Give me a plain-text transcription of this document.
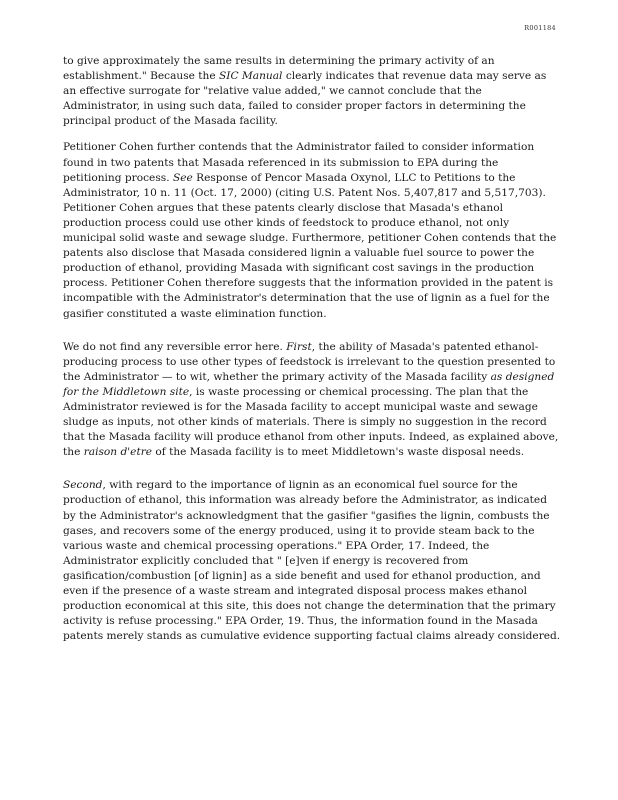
R001184

to give approximately the same results in determining the primary activity of an
establishment." Because the SIC Manual clearly indicates that revenue data may serve as
an effective surrogate for "relative value added," we cannot conclude that the
Administrator, in using such data, failed to consider proper factors in determining the
principal product of the Masada facility.

Petitioner Cohen further contends that the Administrator failed to consider information
found in two patents that Masada referenced in its submission to EPA during the
petitioning process. See Response of Pencor Masada Oxynol, LLC to Petitions to the
Administrator, 10 n. 11 (Oct. 17, 2000) (citing U.S. Patent Nos. 5,407,817 and 5,517,703).
Petitioner Cohen argues that these patents clearly disclose that Masada's ethanol
production process could use other kinds of feedstock to produce ethanol, not only
municipal solid waste and sewage sludge. Furthermore, petitioner Cohen contends that the
patents also disclose that Masada considered lignin a valuable fuel source to power the
production of ethanol, providing Masada with significant cost savings in the production
process. Petitioner Cohen therefore suggests that the information provided in the patent is
incompatible with the Administrator's determination that the use of lignin as a fuel for the
gasifier constituted a waste elimination function.

We do not find any reversible error here. First, the ability of Masada's patented ethanol-
producing process to use other types of feedstock is irrelevant to the question presented to
the Administrator — to wit, whether the primary activity of the Masada facility as designed
for the Middletown site, is waste processing or chemical processing. The plan that the
Administrator reviewed is for the Masada facility to accept municipal waste and sewage
sludge as inputs, not other kinds of materials. There is simply no suggestion in the record
that the Masada facility will produce ethanol from other inputs. Indeed, as explained above,
the raison d'etre of the Masada facility is to meet Middletown's waste disposal needs.

Second, with regard to the importance of lignin as an economical fuel source for the
production of ethanol, this information was already before the Administrator, as indicated
by the Administrator's acknowledgment that the gasifier "gasifies the lignin, combusts the
gases, and recovers some of the energy produced, using it to provide steam back to the
various waste and chemical processing operations." EPA Order, 17. Indeed, the
Administrator explicitly concluded that " [e]ven if energy is recovered from
gasification/combustion [of lignin] as a side benefit and used for ethanol production, and
even if the presence of a waste stream and integrated disposal process makes ethanol
production economical at this site, this does not change the determination that the primary
activity is refuse processing." EPA Order, 19. Thus, the information found in the Masada
patents merely stands as cumulative evidence supporting factual claims already considered.
